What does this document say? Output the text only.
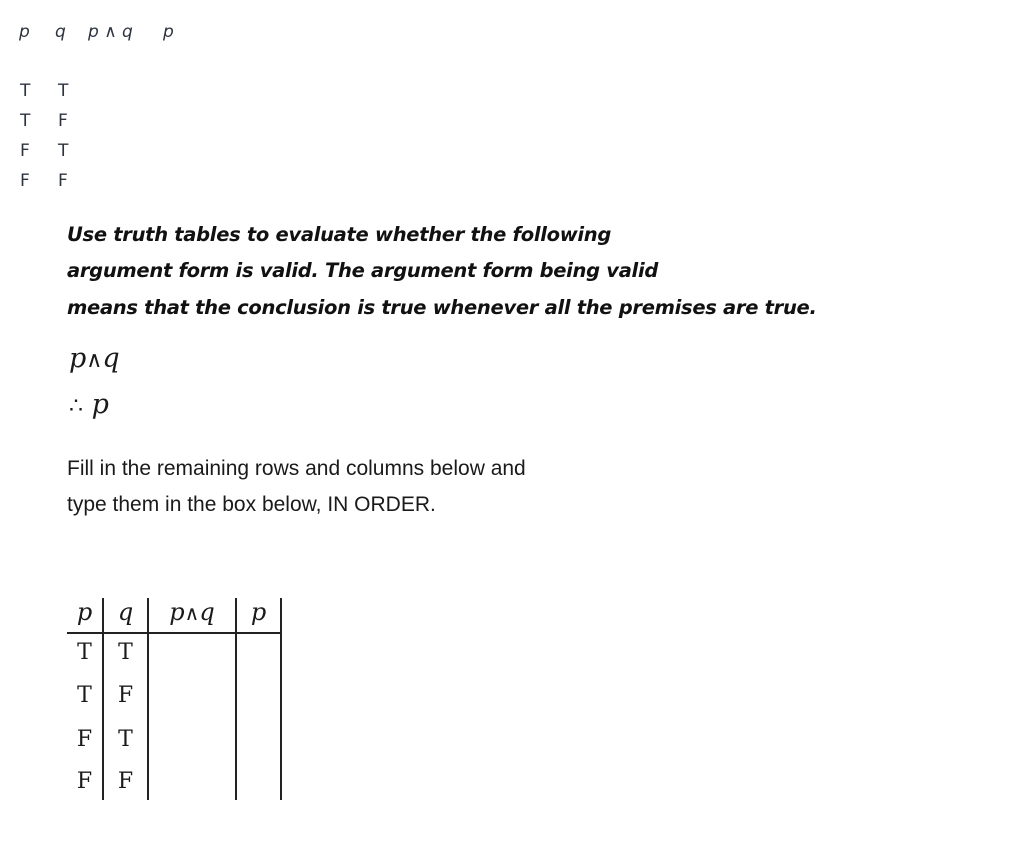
p q p ∧ q p
T T
T F
F T
F F
Use truth tables to evaluate whether the following
argument form is valid. The argument form being valid
means that the conclusion is true whenever all the premises are true.
p∧q
∴ p
Fill in the remaining rows and columns below and
type them in the box below, IN ORDER.
p	q	p∧q	p
T	T
T	F
F	T
F	F
